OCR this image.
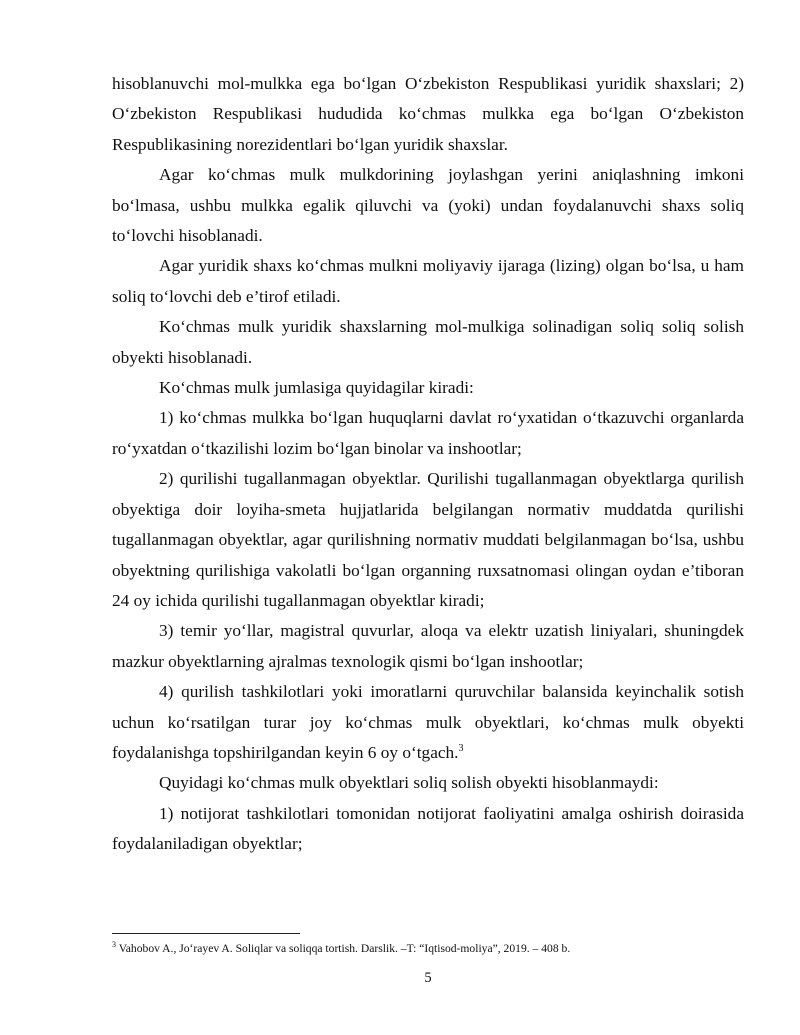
hisoblanuvchi mol-mulkka ega bo‘lgan O‘zbekiston Respublikasi yuridik shaxslari; 2) O‘zbekiston Respublikasi hududida ko‘chmas mulkka ega bo‘lgan O‘zbekiston Respublikasining norezidentlari bo‘lgan yuridik shaxslar.

Agar ko‘chmas mulk mulkdorining joylashgan yerini aniqlashning imkoni bo‘lmasa, ushbu mulkka egalik qiluvchi va (yoki) undan foydalanuvchi shaxs soliq to‘lovchi hisoblanadi.

Agar yuridik shaxs ko‘chmas mulkni moliyaviy ijaraga (lizing) olgan bo‘lsa, u ham soliq to‘lovchi deb e’tirof etiladi.

Ko‘chmas mulk yuridik shaxslarning mol-mulkiga solinadigan soliq soliq solish obyekti hisoblanadi.

Ko‘chmas mulk jumlasiga quyidagilar kiradi:

1) ko‘chmas mulkka bo‘lgan huquqlarni davlat ro‘yxatidan o‘tkazuvchi organlarda ro‘yxatdan o‘tkazilishi lozim bo‘lgan binolar va inshootlar;

2) qurilishi tugallanmagan obyektlar. Qurilishi tugallanmagan obyektlarga qurilish obyektiga doir loyiha-smeta hujjatlarida belgilangan normativ muddatda qurilishi tugallanmagan obyektlar, agar qurilishning normativ muddati belgilanmagan bo‘lsa, ushbu obyektning qurilishiga vakolatli bo‘lgan organning ruxsatnomasi olingan oydan e’tiboran 24 oy ichida qurilishi tugallanmagan obyektlar kiradi;

3) temir yo‘llar, magistral quvurlar, aloqa va elektr uzatish liniyalari, shuningdek mazkur obyektlarning ajralmas texnologik qismi bo‘lgan inshootlar;

4) qurilish tashkilotlari yoki imoratlarni quruvchilar balansida keyinchalik sotish uchun ko‘rsatilgan turar joy ko‘chmas mulk obyektlari, ko‘chmas mulk obyekti foydalanishga topshirilgandan keyin 6 oy o‘tgach.$^3$

Quyidagi ko‘chmas mulk obyektlari soliq solish obyekti hisoblanmaydi:

1) notijorat tashkilotlari tomonidan notijorat faoliyatini amalga oshirish doirasida foydalaniladigan obyektlar;

$^3$ Vahobov A., Jo‘rayev A. Soliqlar va soliqqa tortish. Darslik. –T: “Iqtisod-moliya”, 2019. – 408 b.
5
